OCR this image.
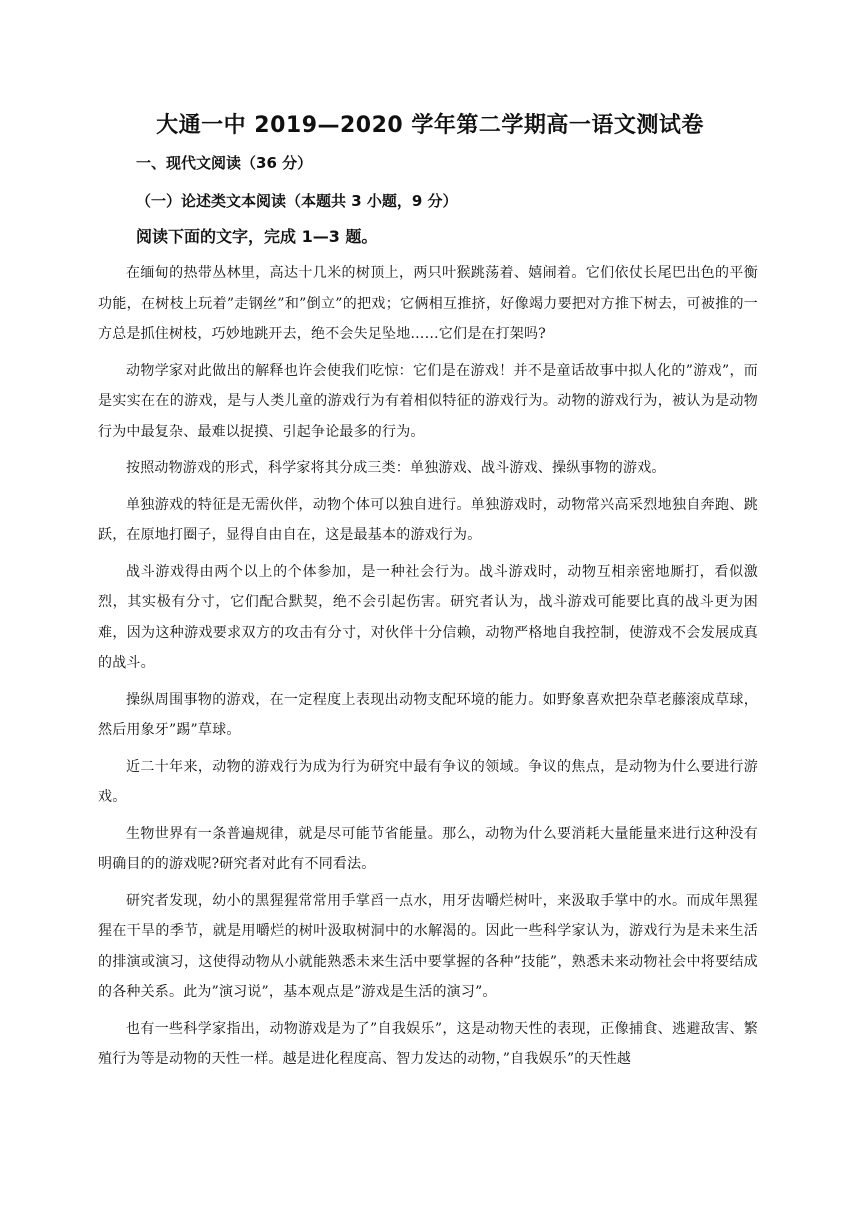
大通一中 2019—2020 学年第二学期高一语文测试卷
一、现代文阅读（36 分）
（一）论述类文本阅读（本题共 3 小题，9 分）
阅读下面的文字，完成 1—3 题。

在缅甸的热带丛林里，高达十几米的树顶上，两只叶猴跳荡着、嬉闹着。它们依仗长尾巴出色的平衡功能，在树枝上玩着”走钢丝”和”倒立”的把戏；它俩相互推挤，好像竭力要把对方推下树去，可被推的一方总是抓住树枝，巧妙地跳开去，绝不会失足坠地……它们是在打架吗?

动物学家对此做出的解释也许会使我们吃惊：它们是在游戏！并不是童话故事中拟人化的”游戏”，而是实实在在的游戏，是与人类儿童的游戏行为有着相似特征的游戏行为。动物的游戏行为，被认为是动物行为中最复杂、最难以捉摸、引起争论最多的行为。

按照动物游戏的形式，科学家将其分成三类：单独游戏、战斗游戏、操纵事物的游戏。

单独游戏的特征是无需伙伴，动物个体可以独自进行。单独游戏时，动物常兴高采烈地独自奔跑、跳跃，在原地打圈子，显得自由自在，这是最基本的游戏行为。

战斗游戏得由两个以上的个体参加，是一种社会行为。战斗游戏时，动物互相亲密地厮打，看似激烈，其实极有分寸，它们配合默契，绝不会引起伤害。研究者认为，战斗游戏可能要比真的战斗更为困难，因为这种游戏要求双方的攻击有分寸，对伙伴十分信赖，动物严格地自我控制，使游戏不会发展成真的战斗。

操纵周围事物的游戏，在一定程度上表现出动物支配环境的能力。如野象喜欢把杂草老藤滚成草球，然后用象牙”踢”草球。

近二十年来，动物的游戏行为成为行为研究中最有争议的领域。争议的焦点，是动物为什么要进行游戏。

生物世界有一条普遍规律，就是尽可能节省能量。那么，动物为什么要消耗大量能量来进行这种没有明确目的的游戏呢?研究者对此有不同看法。

研究者发现，幼小的黑猩猩常常用手掌舀一点水，用牙齿嚼烂树叶，来汲取手掌中的水。而成年黑猩猩在干旱的季节，就是用嚼烂的树叶汲取树洞中的水解渴的。因此一些科学家认为，游戏行为是未来生活的排演或演习，这使得动物从小就能熟悉未来生活中要掌握的各种”技能”，熟悉未来动物社会中将要结成的各种关系。此为”演习说”，基本观点是”游戏是生活的演习”。

也有一些科学家指出，动物游戏是为了”自我娱乐”，这是动物天性的表现，正像捕食、逃避敌害、繁殖行为等是动物的天性一样。越是进化程度高、智力发达的动物，”自我娱乐”的天性越
